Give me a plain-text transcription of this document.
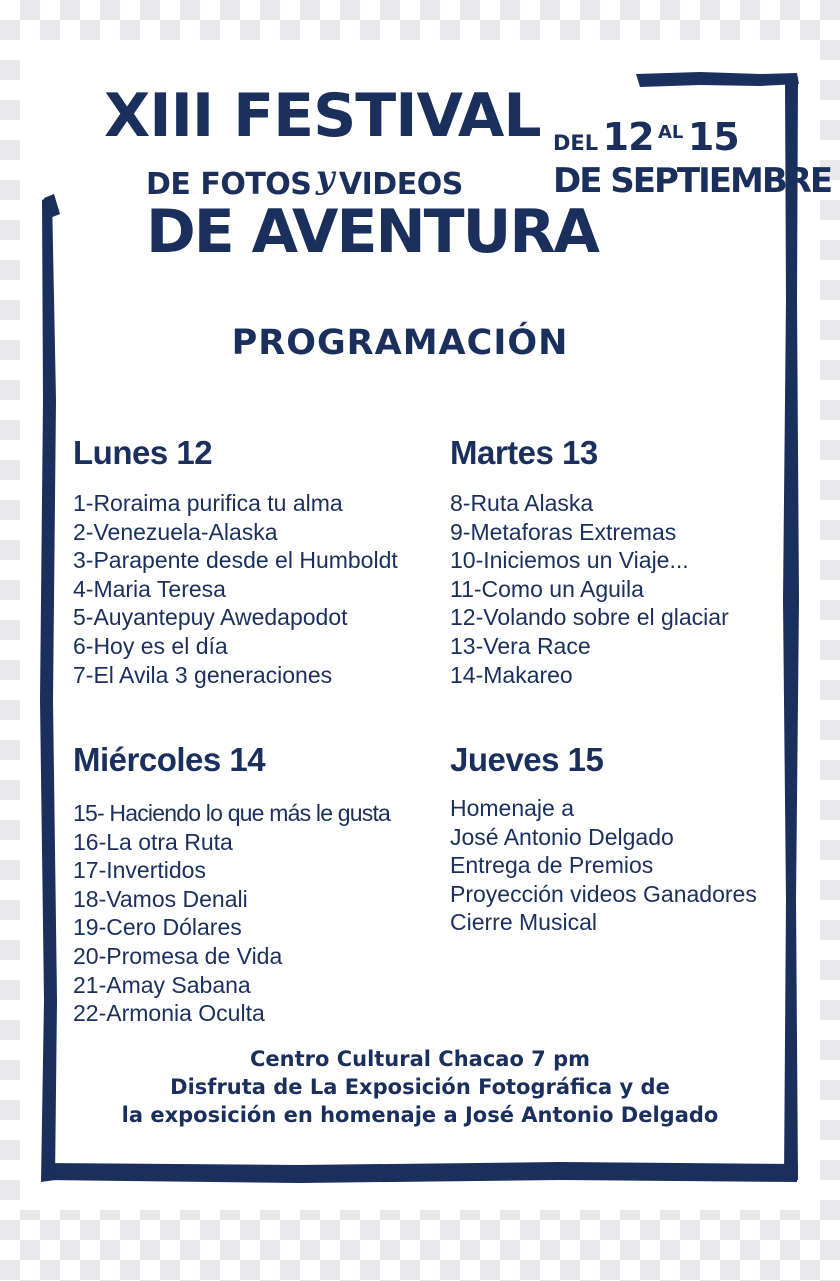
XIII FESTIVAL
DE FOTOS y VIDEOS
DE AVENTURA
DEL 12 AL 15
DE SEPTIEMBRE
PROGRAMACIÓN
Lunes 12
1-Roraima purifica tu alma
2-Venezuela-Alaska
3-Parapente desde el Humboldt
4-Maria Teresa
5-Auyantepuy Awedapodot
6-Hoy es el día
7-El Avila 3 generaciones
Martes 13
8-Ruta Alaska
9-Metaforas Extremas
10-Iniciemos un Viaje...
11-Como un Aguila
12-Volando sobre el glaciar
13-Vera Race
14-Makareo
Miércoles 14
15- Haciendo lo que más le gusta
16-La otra Ruta
17-Invertidos
18-Vamos Denali
19-Cero Dólares
20-Promesa de Vida
21-Amay Sabana
22-Armonia Oculta
Jueves 15
Homenaje a
José Antonio Delgado
Entrega de Premios
Proyección videos Ganadores
Cierre Musical
Centro Cultural Chacao 7 pm
Disfruta de La Exposición Fotográfica y de
la exposición en homenaje a José Antonio Delgado
